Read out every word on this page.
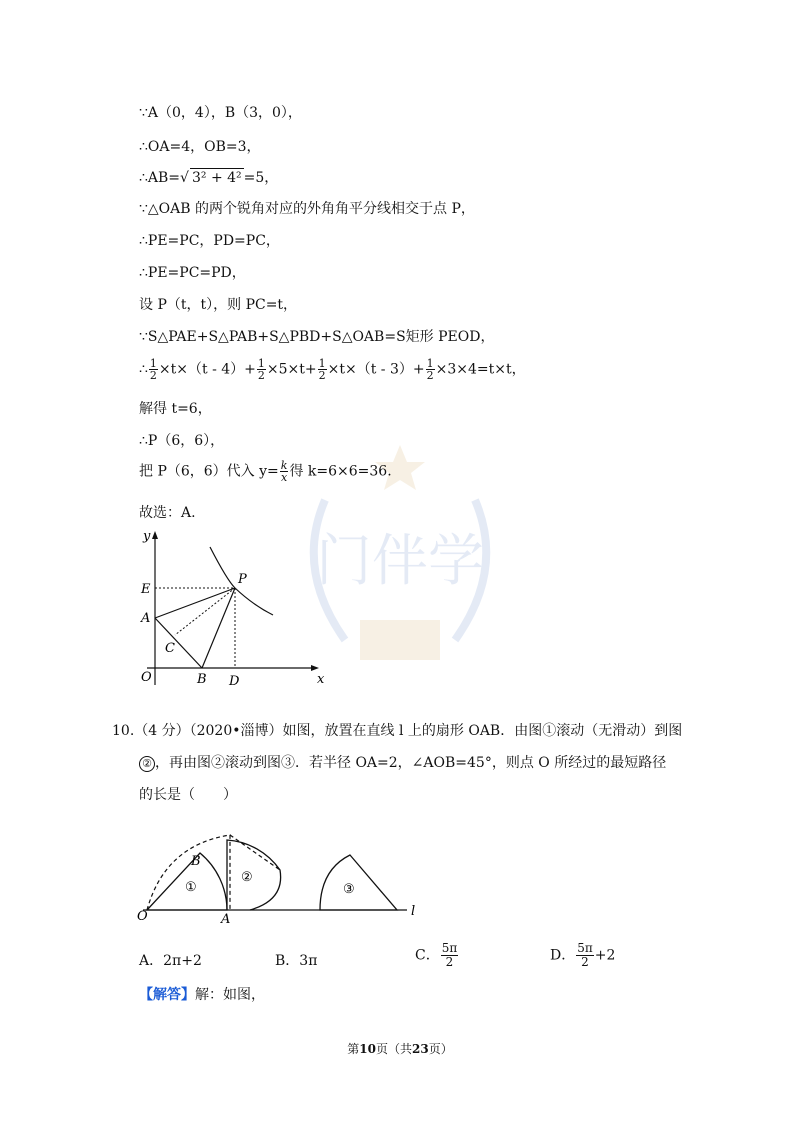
门伴学
∵A（0，4），B（3，0），
∴OA=4，OB=3，
∴AB=√ 3² + 4² =5，
∵△OAB 的两个锐角对应的外角角平分线相交于点 P，
∴PE=PC，PD=PC，
∴PE=PC=PD，
设 P（t，t），则 PC=t，
∵S△PAE+S△PAB+S△PBD+S△OAB=S矩形 PEOD，
∴ $\frac{1}{2} \times t\times(t - 4)+ \frac{1}{2} \times 5\times t+ \frac{1}{2} \times t\times(t - 3)+ \frac{1}{2} \times 3\times 4=t\times t$，
解得 t=6，
∴P（6，6），
把 P（6，6）代入 $y= \frac{k}{x}$ 得 k=6×6=36.
故选：A.
y
x
E
A
P
C
O	B D
10.（4 分）（2020•淄博）如图，放置在直线 l 上的扇形 OAB．由图①滚动（无滑动）到图
② ，再由图②滚动到图③．若半径 OA=2，∠AOB=45°，则点 O 所经过的最短路径
的长是（　　）
B
O	A
l
①
②
③
A．2π+2	B．3π	C． $\frac{5\pi}{2}$	D． $\frac{5\pi}{2} +2$
【解答】解：如图，
第10页（共23页）
